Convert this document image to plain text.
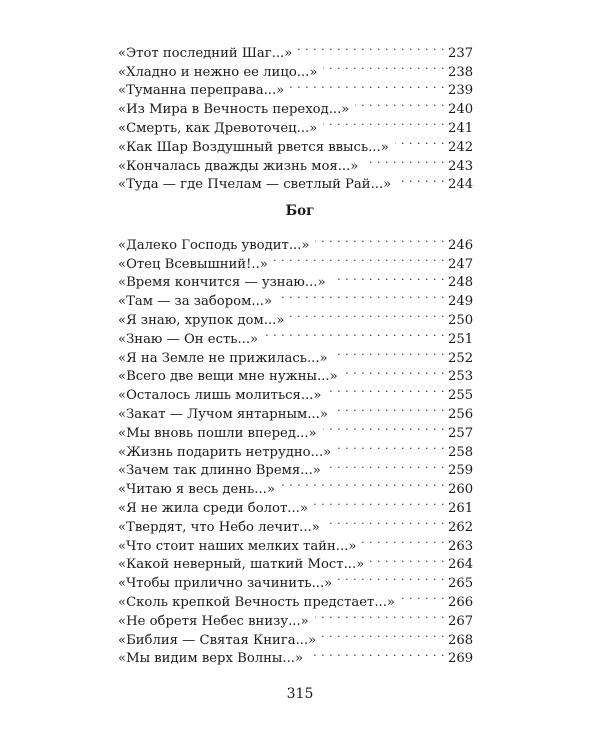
«Этот последний Шаг...» . . .	237
«Хладно и нежно ее лицо...» . . .	238
«Туманна переправа...» . . .	239
«Из Мира в Вечность переход...» . . .	240
«Смерть, как Древоточец...» . . .	241
«Как Шар Воздушный рвется ввысь...» . . .	242
«Кончалась дважды жизнь моя...» . . .	243
«Туда — где Пчелам — светлый Рай...» . . .	244
Бог
«Далеко Господь уводит...» . . .	246
«Отец Всевышний!..» . . .	247
«Время кончится — узнаю...» . . .	248
«Там — за забором...» . . .	249
«Я знаю, хрупок дом...» . . .	250
«Знаю — Он есть...» . . .	251
«Я на Земле не прижилась...» . . .	252
«Всего две вещи мне нужны...» . . .	253
«Осталось лишь молиться...» . . .	255
«Закат — Лучом янтарным...» . . .	256
«Мы вновь пошли вперед...» . . .	257
«Жизнь подарить нетрудно...» . . .	258
«Зачем так длинно Время...» . . .	259
«Читаю я весь день...» . . .	260
«Я не жила среди болот...» . . .	261
«Твердят, что Небо лечит...» . . .	262
«Что стоит наших мелких тайн...» . . .	263
«Какой неверный, шаткий Мост...» . . .	264
«Чтобы прилично зачинить...» . . .	265
«Сколь крепкой Вечность предстает...» . . .	266
«Не обретя Небес внизу...» . . .	267
«Библия — Святая Книга...» . . .	268
«Мы видим верх Волны...» . . .	269
315
